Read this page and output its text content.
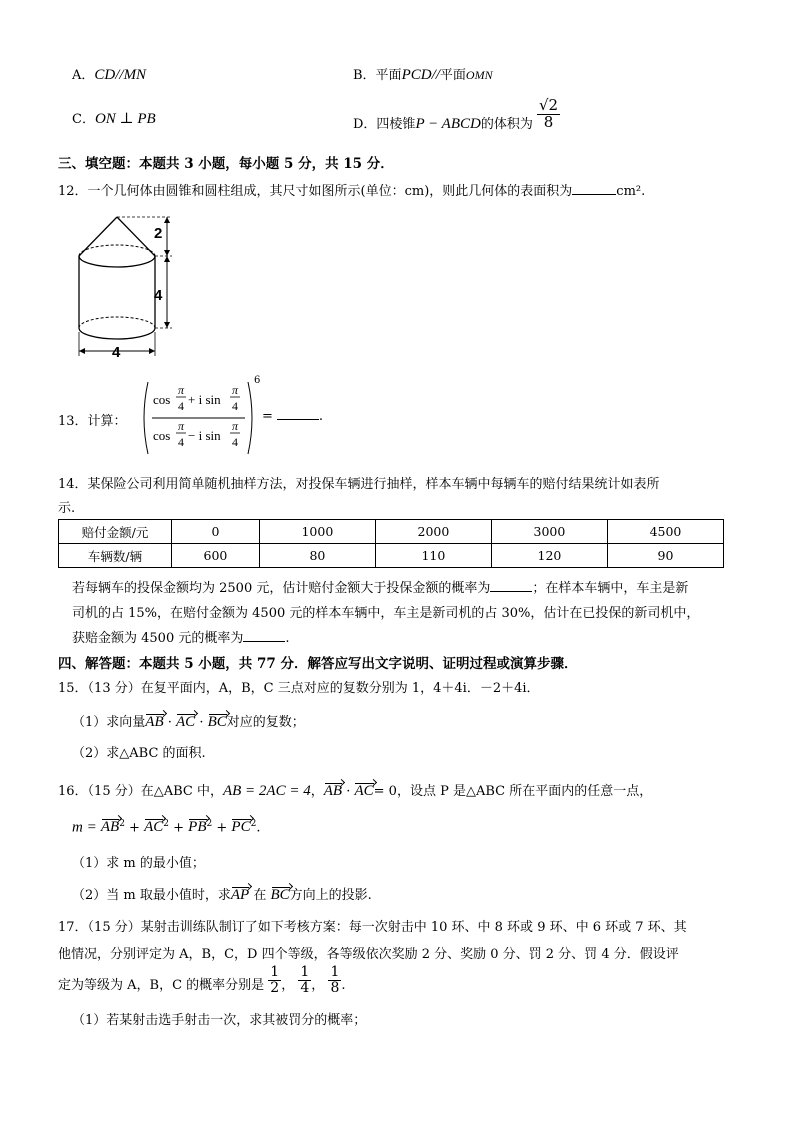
A．CD//MN	B．平面PCD//平面OMN
C．ON ⊥ PB	D．四棱锥P − ABCD的体积为 $\frac{√2}{8}$
三、填空题：本题共 3 小题，每小题 5 分，共 15 分．
12．一个几何体由圆锥和圆柱组成，其尺寸如图所示(单位：cm)，则此几何体的表面积为	cm².
2
4
4
13．计算：
cos
π
4 + i sin
π
4
cos
π
4 − i sin
π
4
6
=	.
14．某保险公司利用简单随机抽样方法，对投保车辆进行抽样，样本车辆中每辆车的赔付结果统计如表所
示.
赔付金额/元	0	1000	2000	3000	4500
车辆数/辆	600	80	110	120	90
若每辆车的投保金额均为 2500 元，估计赔付金额大于投保金额的概率为	；在样本车辆中，车主是新
司机的占 15%，在赔付金额为 4500 元的样本车辆中，车主是新司机的占 30%，估计在已投保的新司机中，
获赔金额为 4500 元的概率为	.
四、解答题：本题共 5 小题，共 77 分．解答应写出文字说明、证明过程或演算步骤．
15．（13 分）在复平面内，A，B，C 三点对应的复数分别为 1，4＋4i．－2＋4i．
（1）求向量AB · AC · BC对应的复数；
（2）求△ABC 的面积.
16．（15 分）在△ABC 中，AB = 2AC = 4，AB · AC= 0，设点 P 是△ABC 所在平面内的任意一点，
$m = AB^2 + AC^2 + PB^2 + PC^2$.
（1）求 m 的最小值；
（2）当 m 取最小值时，求AP 在 BC方向上的投影.
17．（15 分）某射击训练队制订了如下考核方案：每一次射击中 10 环、中 8 环或 9 环、中 6 环或 7 环、其
他情况，分别评定为 A，B，C，D 四个等级，各等级依次奖励 2 分、奖励 0 分、罚 2 分、罚 4 分．假设评
定为等级为 A，B，C 的概率分别是 $\frac{1}{2}$ ， $\frac{1}{4}$ ， $\frac{1}{8}$ .
（1）若某射击选手射击一次，求其被罚分的概率；
